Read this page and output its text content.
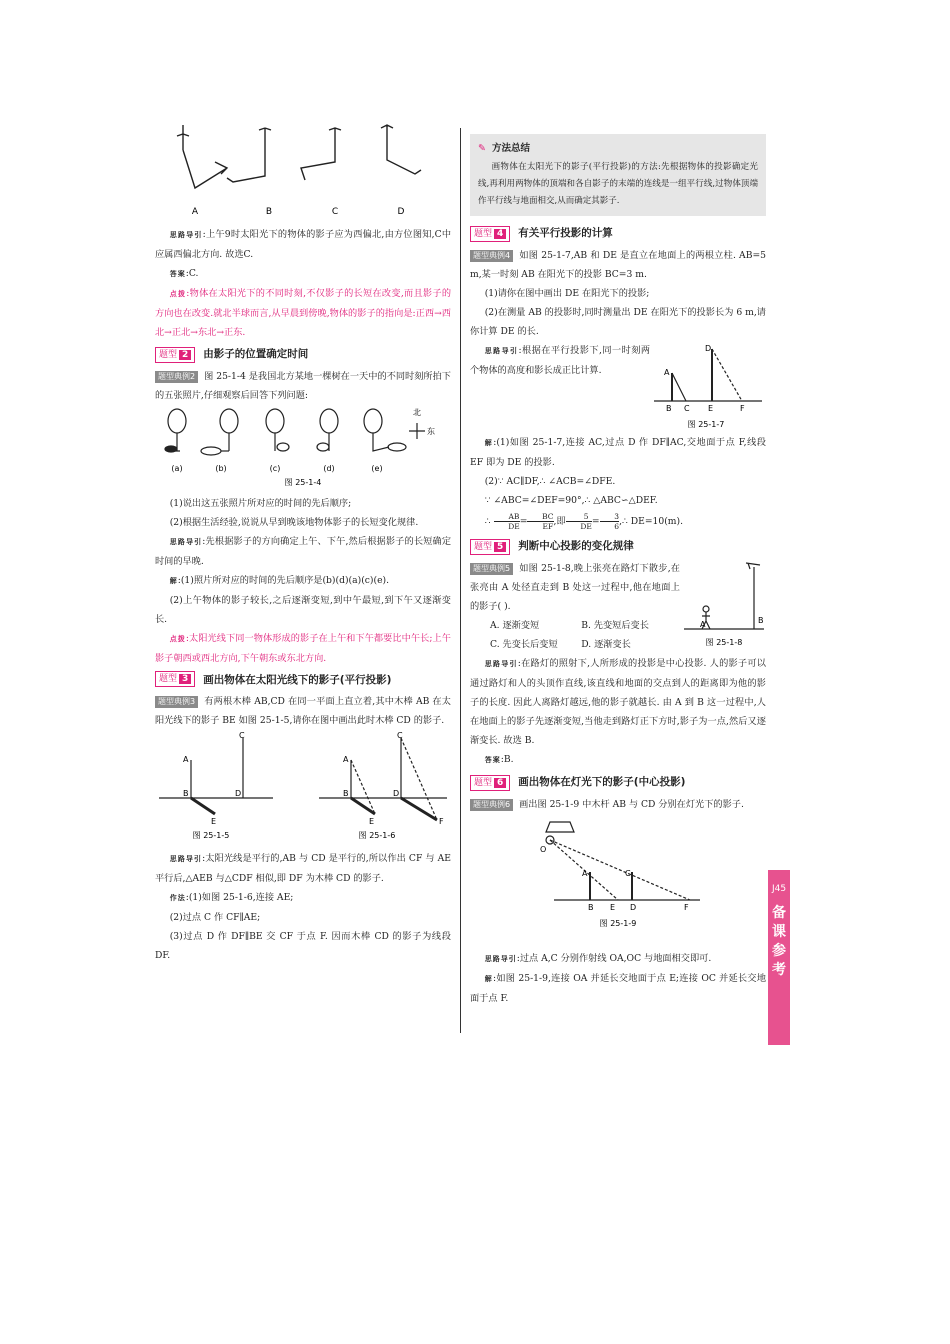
A	B	C	D

思路导引:上午9时太阳光下的物体的影子应为西偏北,由方位图知,C中应属西偏北方向. 故选C.

答案:C.

点拨:物体在太阳光下的不同时刻,不仅影子的长短在改变,而且影子的方向也在改变.就北半球而言,从早晨到傍晚,物体的影子的指向是:正西→西北→正北→东北→正东.

题型 2	由影子的位置确定时间

题型典例2 图 25-1-4 是我国北方某地一棵树在一天中的不同时刻所拍下的五张照片,仔细观察后回答下列问题:

北
东
(a)	(b)	(c)	(d)	(e)
图 25-1-4

(1)说出这五张照片所对应的时间的先后顺序;

(2)根据生活经验,说说从早到晚该地物体影子的长短变化规律.

思路导引:先根据影子的方向确定上午、下午,然后根据影子的长短确定时间的早晚.

解:(1)照片所对应的时间的先后顺序是(b)(d)(a)(c)(e).

(2)上午物体的影子较长,之后逐渐变短,到中午最短,到下午又逐渐变长.

点拨:太阳光线下同一物体形成的影子在上午和下午都要比中午长;上午影子朝西或西北方向,下午朝东或东北方向.

题型 3	画出物体在太阳光线下的影子(平行投影)

题型典例3 有两根木棒 AB,CD 在同一平面上直立着,其中木棒 AB 在太阳光线下的影子 BE 如图 25-1-5,请你在图中画出此时木棒 CD 的影子.

A
B
C
D
E
A
B
C
D
E	F
图 25-1-5	图 25-1-6

思路导引:太阳光线是平行的,AB 与 CD 是平行的,所以作出 CF 与 AE 平行后,△AEB 与△CDF 相似,即 DF 为木棒 CD 的影子.

作法:(1)如图 25-1-6,连接 AE;

(2)过点 C 作 CF∥AE;

(3)过点 D 作 DF∥BE 交 CF 于点 F. 因而木棒 CD 的影子为线段 DF.

✎ 方法总结

画物体在太阳光下的影子(平行投影)的方法:先根据物体的投影确定光线,再利用两物体的顶端和各自影子的末端的连线是一组平行线,过物体顶端作平行线与地面相交,从而确定其影子.

题型 4	有关平行投影的计算

题型典例4 如图 25-1-7,AB 和 DE 是直立在地面上的两根立柱. AB=5 m,某一时刻 AB 在阳光下的投影 BC=3 m.

(1)请你在图中画出 DE 在阳光下的投影;

(2)在测量 AB 的投影时,同时测量出 DE 在阳光下的投影长为 6 m,请你计算 DE 的长.

思路导引:根据在平行投影下,同一时刻两个物体的高度和影长成正比计算.	A
B C
D
E	F
图 25-1-7

解:(1)如图 25-1-7,连接 AC,过点 D 作 DF∥AC,交地面于点 F,线段 EF 即为 DE 的投影.

(2)∵ AC∥DF,∴ ∠ACB=∠DFE.

∵ ∠ABC=∠DEF=90°,∴ △ABC∽△DEF.

∴ $\frac{AB}{DE} = \frac{BC}{EF}$ ,即 $\frac{5}{DE} = \frac{3}{6}$ ,∴ DE=10(m).

题型 5	判断中心投影的变化规律

题型典例5 如图 25-1-8,晚上张亮在路灯下散步,在张亮由 A 处径直走到 B 处这一过程中,他在地面上的影子( ).

A. 逐渐变短	B. 先变短后变长
C. 先变长后变短	D. 逐渐变长
A	B
图 25-1-8

思路导引:在路灯的照射下,人所形成的投影是中心投影. 人的影子可以通过路灯和人的头顶作直线,该直线和地面的交点到人的距离即为他的影子的长度. 因此人离路灯越远,他的影子就越长. 由 A 到 B 这一过程中,人在地面上的影子先逐渐变短,当他走到路灯正下方时,影子为一点,然后又逐渐变长. 故选 B.

答案:B.

题型 6	画出物体在灯光下的影子(中心投影)

题型典例6 画出图 25-1-9 中木杆 AB 与 CD 分别在灯光下的影子.

O
A
B
C
E D	F
图 25-1-9

思路导引:过点 A,C 分别作射线 OA,OC 与地面相交即可.

解:如图 25-1-9,连接 OA 并延长交地面于点 E;连接 OC 并延长交地面于点 F.

J45
备课参考
